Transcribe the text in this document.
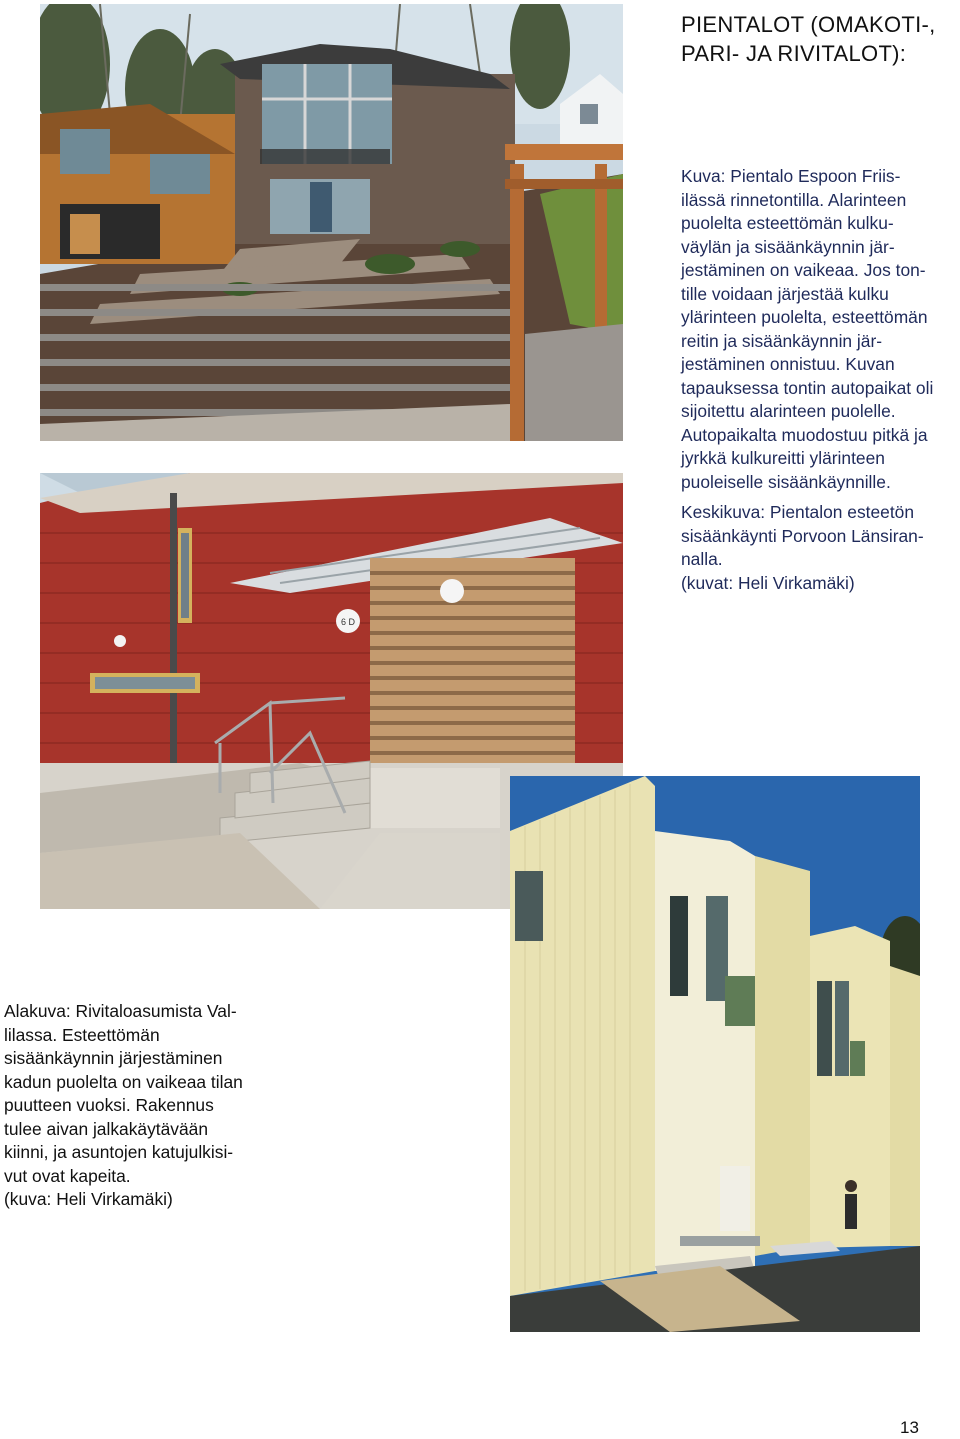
6 D
PIENTALOT (OMAKOTI-,
PARI- JA RIVITALOT):

Kuva: Pientalo Espoon Friis-
ilässä rinnetontilla. Alarinteen
puolelta esteettömän kulku-
väylän ja sisäänkäynnin jär-
jestäminen on vaikeaa. Jos ton-
tille voidaan järjestää kulku
ylärinteen puolelta, esteettömän
reitin ja sisäänkäynnin jär-
jestäminen onnistuu. Kuvan
tapauksessa tontin autopaikat oli
sijoitettu alarinteen puolelle.
Autopaikalta muodostuu pitkä ja
jyrkkä kulkureitti ylärinteen
puoleiselle sisäänkäynnille.

Keskikuva: Pientalon esteetön
sisäänkäynti Porvoon Länsiran-
nalla.
(kuvat: Heli Virkamäki)

Alakuva: Rivitaloasumista Val-
lilassa. Esteettömän
sisäänkäynnin järjestäminen
kadun puolelta on vaikeaa tilan
puutteen vuoksi. Rakennus
tulee aivan jalkakäytävään
kiinni, ja asuntojen katujulkisi-
vut ovat kapeita.
(kuva: Heli Virkamäki)

13
